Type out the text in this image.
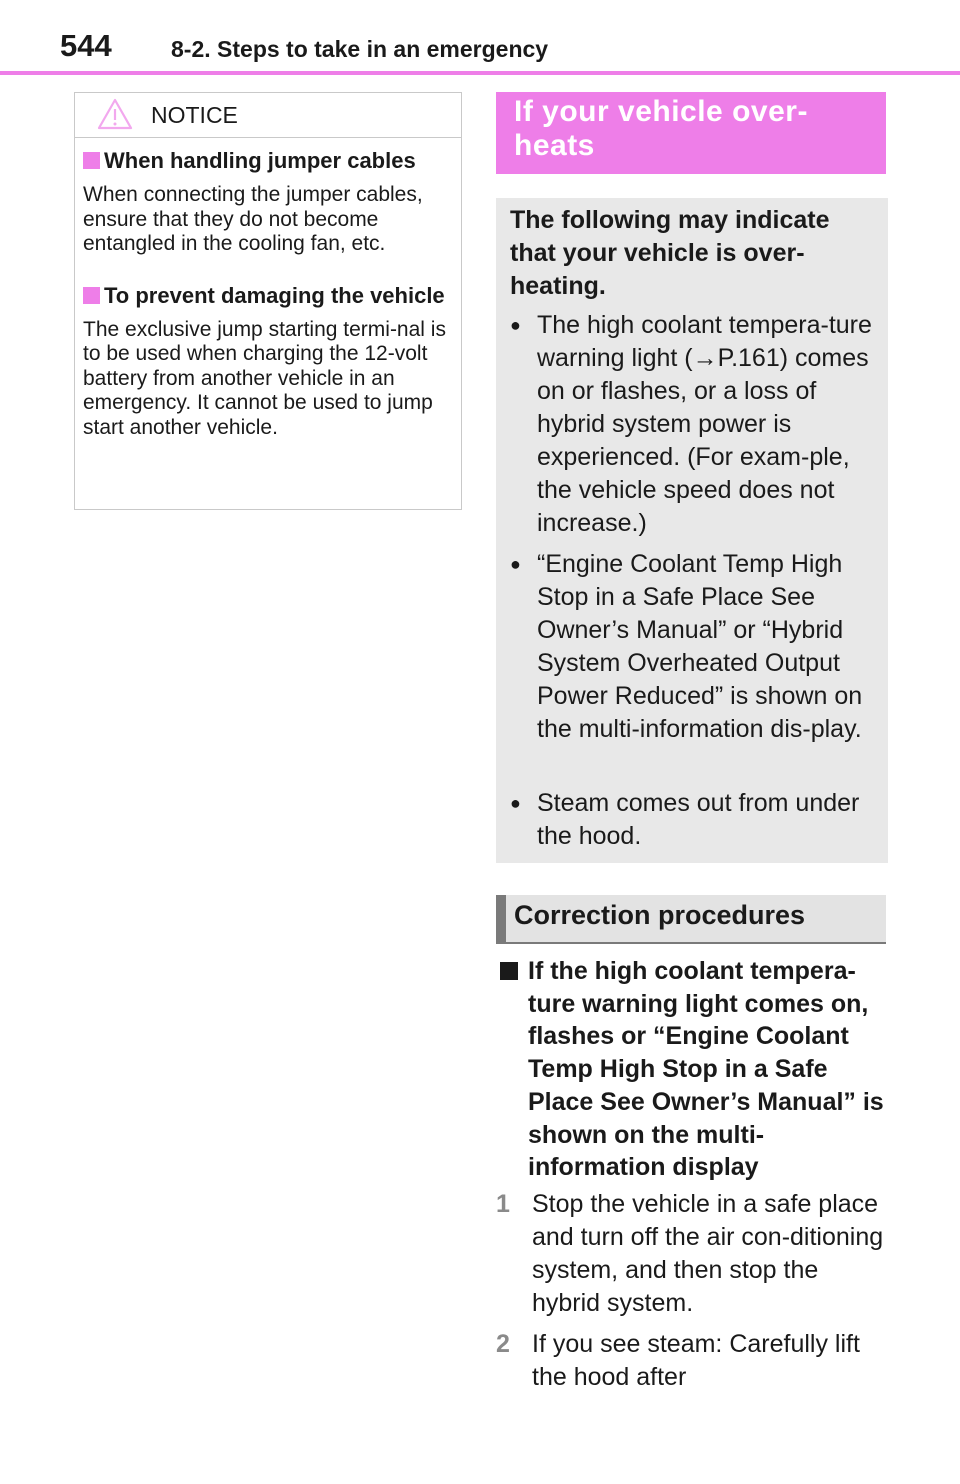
544	8-2. Steps to take in an emergency
NOTICE
When handling jumper cables
When connecting the jumper cables, ensure that they do not become entangled in the cooling fan, etc.
To prevent damaging the vehicle
The exclusive jump starting termi-nal is to be used when charging the 12-volt battery from another vehicle in an emergency. It cannot be used to jump start another vehicle.
If your vehicle over-heats
The following may indicate that your vehicle is over-heating.
● The high coolant tempera-ture warning light (→P.161) comes on or flashes, or a loss of hybrid system power is experienced. (For exam-ple, the vehicle speed does not increase.)
● “Engine Coolant Temp High Stop in a Safe Place See Owner’s Manual” or “Hybrid System Overheated Output Power Reduced” is shown on the multi-information dis-play.
● Steam comes out from under the hood.
Correction procedures
If the high coolant tempera-ture warning light comes on, flashes or “Engine Coolant Temp High Stop in a Safe Place See Owner’s Manual” is shown on the multi-information display
1 Stop the vehicle in a safe place and turn off the air con-ditioning system, and then stop the hybrid system.
2 If you see steam: Carefully lift the hood after
